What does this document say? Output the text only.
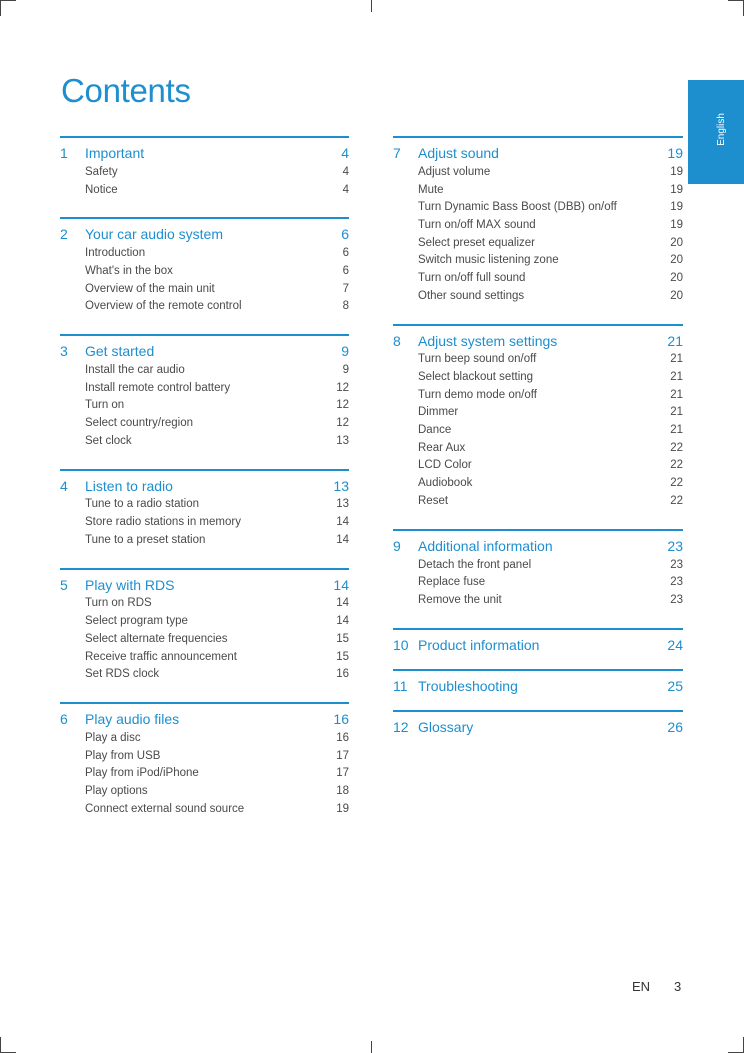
Contents
English
1	Important	4
Safety	4
Notice	4
2	Your car audio system	6
Introduction	6
What's in the box	6
Overview of the main unit	7
Overview of the remote control	8
3	Get started	9
Install the car audio	9
Install remote control battery	12
Turn on	12
Select country/region	12
Set clock	13
4	Listen to radio	13
Tune to a radio station	13
Store radio stations in memory	14
Tune to a preset station	14
5	Play with RDS	14
Turn on RDS	14
Select program type	14
Select alternate frequencies	15
Receive traffic announcement	15
Set RDS clock	16
6	Play audio files	16
Play a disc	16
Play from USB	17
Play from iPod/iPhone	17
Play options	18
Connect external sound source	19
7	Adjust sound	19
Adjust volume	19
Mute	19
Turn Dynamic Bass Boost (DBB) on/off	19
Turn on/off MAX sound	19
Select preset equalizer	20
Switch music listening zone	20
Turn on/off full sound	20
Other sound settings	20
8	Adjust system settings	21
Turn beep sound on/off	21
Select blackout setting	21
Turn demo mode on/off	21
Dimmer	21
Dance	21
Rear Aux	22
LCD Color	22
Audiobook	22
Reset	22
9	Additional information	23
Detach the front panel	23
Replace fuse	23
Remove the unit	23
10 Product information	24
11 Troubleshooting	25
12 Glossary	26
EN 3
